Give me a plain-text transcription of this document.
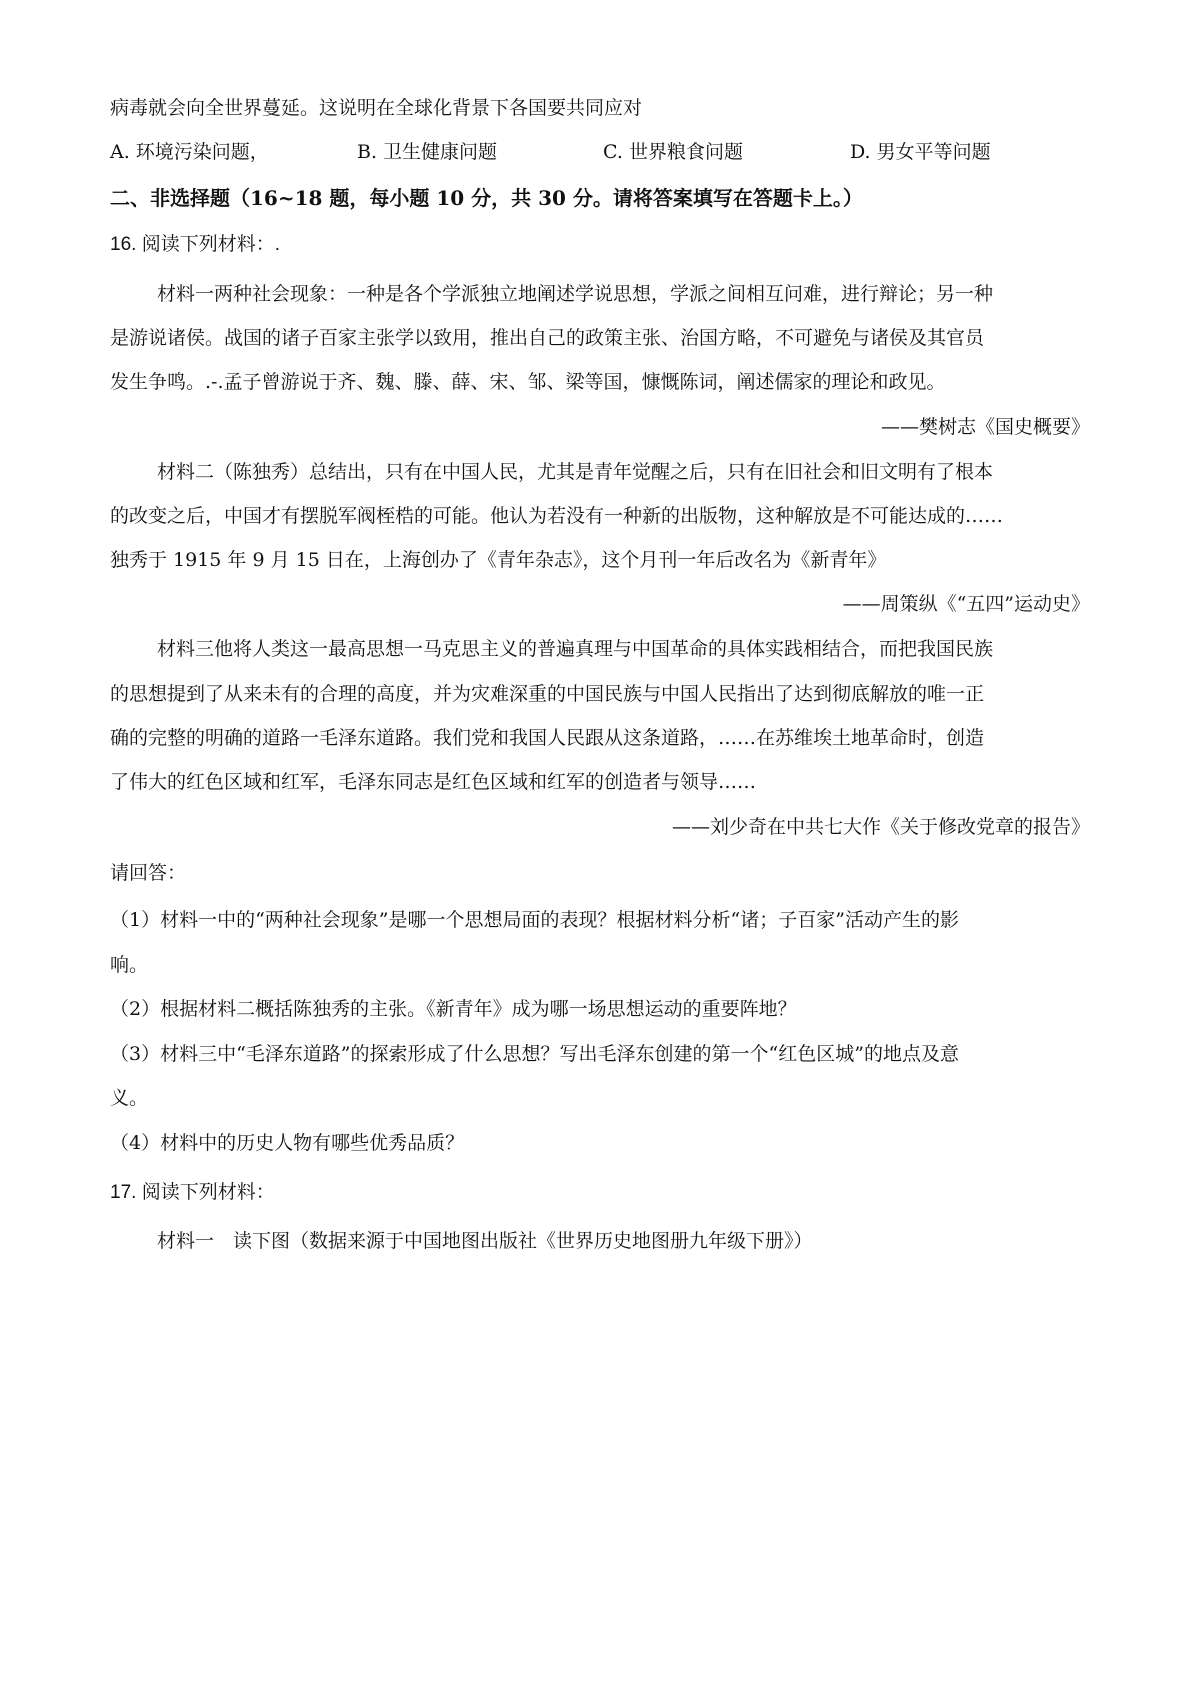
病毒就会向全世界蔓延。这说明在全球化背景下各国要共同应对
A. 环境污染问题，	B. 卫生健康问题	C. 世界粮食问题	D. 男女平等问题
二、非选择题（16~18 题，每小题 10 分，共 30 分。请将答案填写在答题卡上。）
16. 阅读下列材料：.
材料一两种社会现象：一种是各个学派独立地阐述学说思想，学派之间相互问难，进行辩论；另一种
是游说诸侯。战国的诸子百家主张学以致用，推出自己的政策主张、治国方略，不可避免与诸侯及其官员
发生争鸣。.-.孟子曾游说于齐、魏、滕、薛、宋、邹、梁等国，慷慨陈词，阐述儒家的理论和政见。
——樊树志《国史概要》
材料二（陈独秀）总结出，只有在中国人民，尤其是青年觉醒之后，只有在旧社会和旧文明有了根本
的改变之后，中国才有摆脱军阀桎梏的可能。他认为若没有一种新的出版物，这种解放是不可能达成的……
独秀于 1915 年 9 月 15 日在，上海创办了《青年杂志》，这个月刊一年后改名为《新青年》
——周策纵《“五四”运动史》
材料三他将人类这一最高思想一马克思主义的普遍真理与中国革命的具体实践相结合，而把我国民族
的思想提到了从来未有的合理的高度，并为灾难深重的中国民族与中国人民指出了达到彻底解放的唯一正
确的完整的明确的道路一毛泽东道路。我们党和我国人民跟从这条道路，……在苏维埃土地革命时，创造
了伟大的红色区域和红军，毛泽东同志是红色区域和红军的创造者与领导……
——刘少奇在中共七大作《关于修改党章的报告》
请回答：
（1）材料一中的“两种社会现象”是哪一个思想局面的表现？根据材料分析“诸；子百家”活动产生的影
响。
（2）根据材料二概括陈独秀的主张。《新青年》成为哪一场思想运动的重要阵地？
（3）材料三中“毛泽东道路”的探索形成了什么思想？写出毛泽东创建的第一个“红色区城”的地点及意
义。
（4）材料中的历史人物有哪些优秀品质？
17. 阅读下列材料：
材料一　读下图（数据来源于中国地图出版社《世界历史地图册九年级下册》）
